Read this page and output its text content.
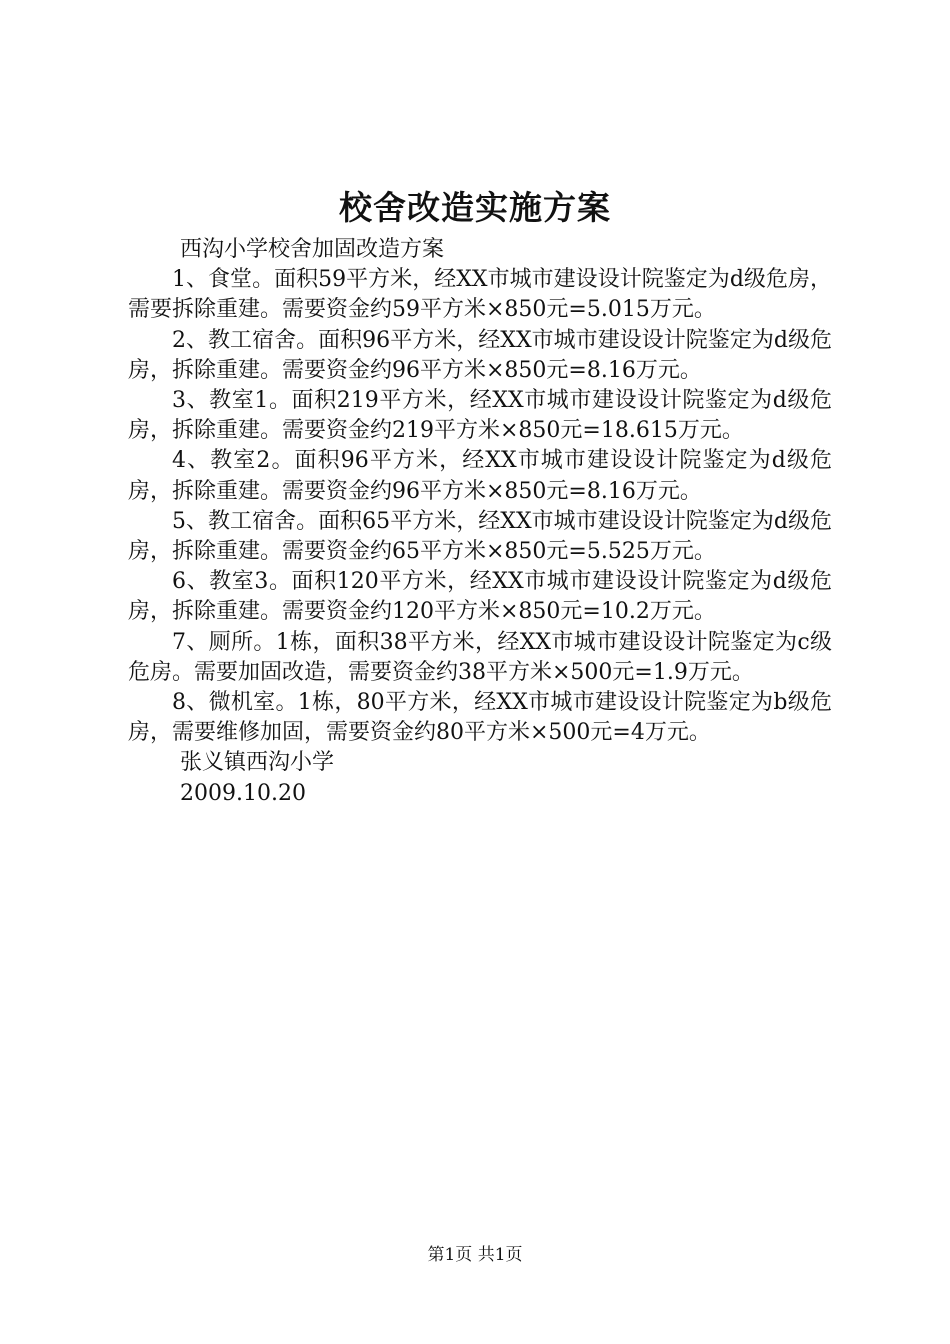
校舍改造实施方案

西沟小学校舍加固改造方案

1、食堂。面积59平方米，经XX市城市建设设计院鉴定为d级危房，需要拆除重建。需要资金约59平方米×850元=5.015万元。

2、教工宿舍。面积96平方米，经XX市城市建设设计院鉴定为d级危房，拆除重建。需要资金约96平方米×850元=8.16万元。

3、教室1。面积219平方米，经XX市城市建设设计院鉴定为d级危房，拆除重建。需要资金约219平方米×850元=18.615万元。

4、教室2。面积96平方米，经XX市城市建设设计院鉴定为d级危房，拆除重建。需要资金约96平方米×850元=8.16万元。

5、教工宿舍。面积65平方米，经XX市城市建设设计院鉴定为d级危房，拆除重建。需要资金约65平方米×850元=5.525万元。

6、教室3。面积120平方米，经XX市城市建设设计院鉴定为d级危房，拆除重建。需要资金约120平方米×850元=10.2万元。

7、厕所。1栋，面积38平方米，经XX市城市建设设计院鉴定为c级危房。需要加固改造，需要资金约38平方米×500元=1.9万元。

8、微机室。1栋，80平方米，经XX市城市建设设计院鉴定为b级危房，需要维修加固，需要资金约80平方米×500元=4万元。

张义镇西沟小学

2009.10.20

第1页 共1页
